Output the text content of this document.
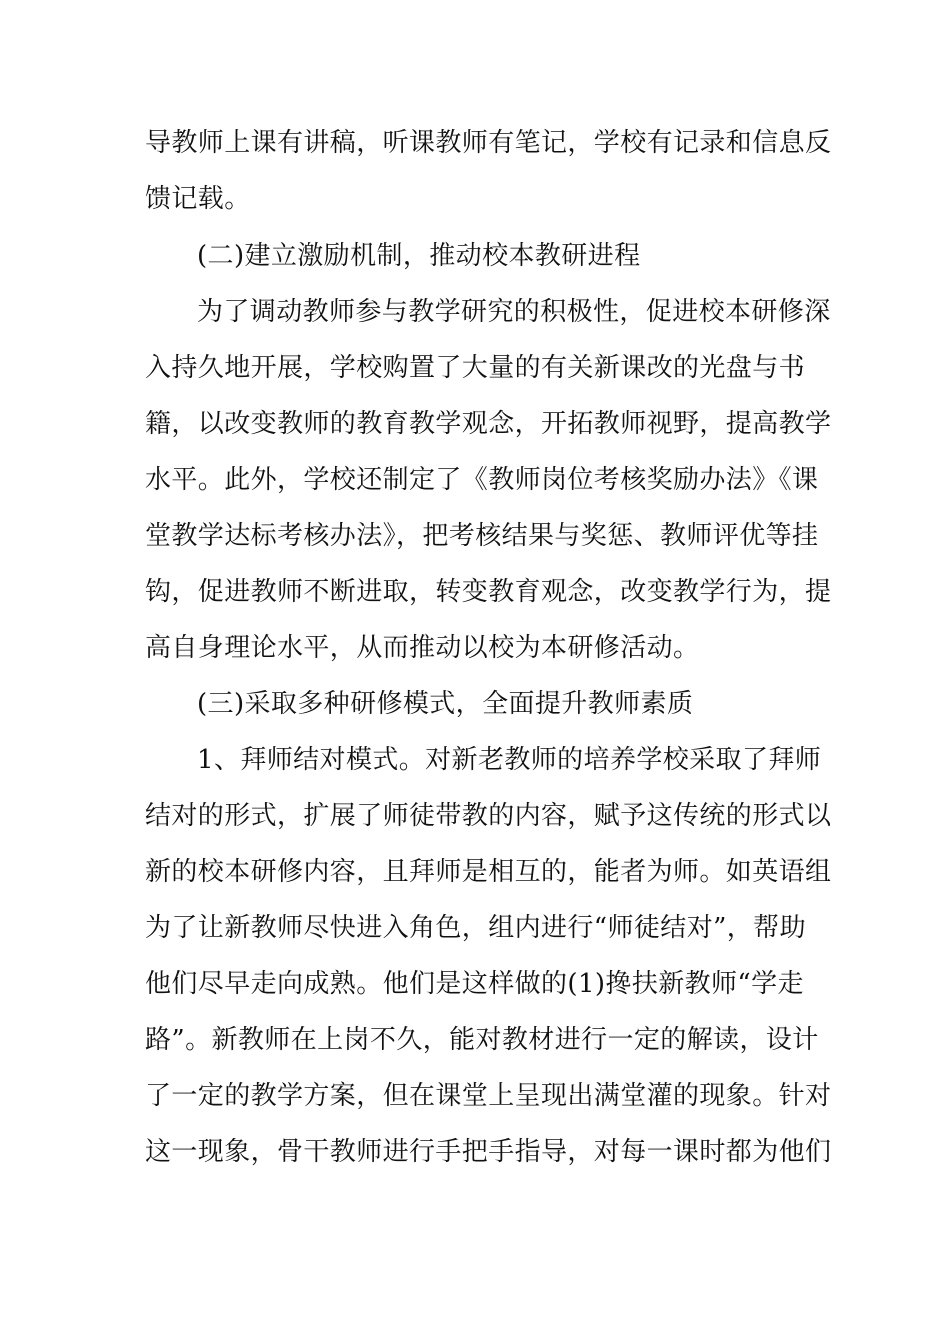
导教师上课有讲稿，听课教师有笔记，学校有记录和信息反
馈记载。
(二)建立激励机制，推动校本教研进程
为了调动教师参与教学研究的积极性，促进校本研修深
入持久地开展，学校购置了大量的有关新课改的光盘与书
籍，以改变教师的教育教学观念，开拓教师视野，提高教学
水平。此外，学校还制定了《教师岗位考核奖励办法》《课
堂教学达标考核办法》，把考核结果与奖惩、教师评优等挂
钩，促进教师不断进取，转变教育观念，改变教学行为，提
高自身理论水平，从而推动以校为本研修活动。
(三)采取多种研修模式，全面提升教师素质
1、拜师结对模式。对新老教师的培养学校采取了拜师
结对的形式，扩展了师徒带教的内容，赋予这传统的形式以
新的校本研修内容，且拜师是相互的，能者为师。如英语组
为了让新教师尽快进入角色，组内进行“师徒结对”，帮助
他们尽早走向成熟。他们是这样做的(1)搀扶新教师“学走
路”。新教师在上岗不久，能对教材进行一定的解读，设计
了一定的教学方案，但在课堂上呈现出满堂灌的现象。针对
这一现象，骨干教师进行手把手指导，对每一课时都为他们
